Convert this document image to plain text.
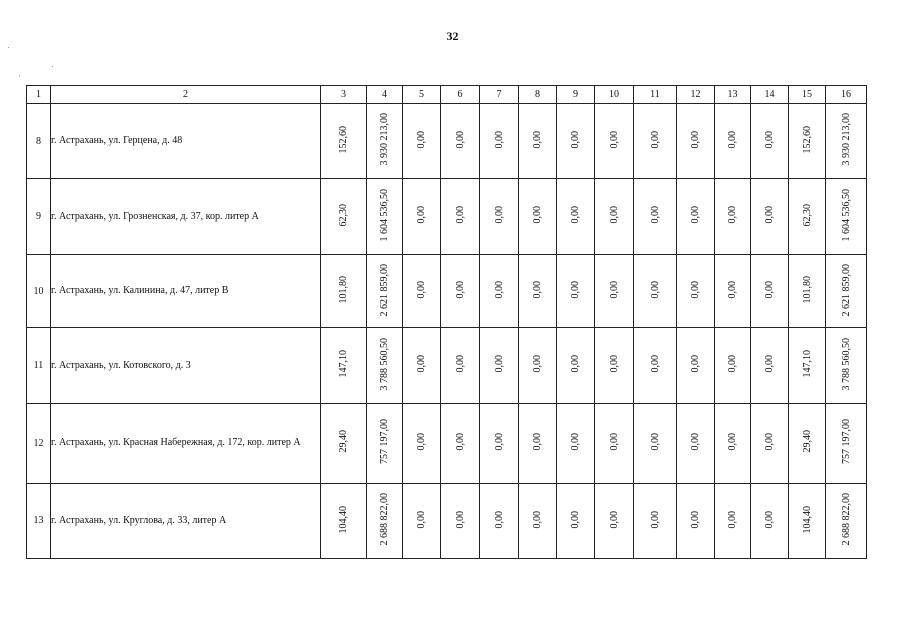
32
1	2	3	4	5	6	7	8	9	10	11	12	13	14	15	16
8	г. Астрахань, ул. Герцена, д. 48	152,60	3 930 213,00	0,00	0,00	0,00	0,00	0,00	0,00	0,00	0,00	0,00	0,00	152,60	3 930 213,00
9	г. Астрахань, ул. Грозненская, д. 37, кор. литер А	62,30	1 604 536,50	0,00	0,00	0,00	0,00	0,00	0,00	0,00	0,00	0,00	0,00	62,30	1 604 536,50
10	г. Астрахань, ул. Калинина, д. 47, литер В	101,80	2 621 859,00	0,00	0,00	0,00	0,00	0,00	0,00	0,00	0,00	0,00	0,00	101,80	2 621 859,00
11	г. Астрахань, ул. Котовского, д. 3	147,10	3 788 560,50	0,00	0,00	0,00	0,00	0,00	0,00	0,00	0,00	0,00	0,00	147,10	3 788 560,50
12	г. Астрахань, ул. Красная Набережная, д. 172, кор. литер А	29,40	757 197,00	0,00	0,00	0,00	0,00	0,00	0,00	0,00	0,00	0,00	0,00	29,40	757 197,00
13	г. Астрахань, ул. Круглова, д. 33, литер А	104,40	2 688 822,00	0,00	0,00	0,00	0,00	0,00	0,00	0,00	0,00	0,00	0,00	104,40	2 688 822,00
